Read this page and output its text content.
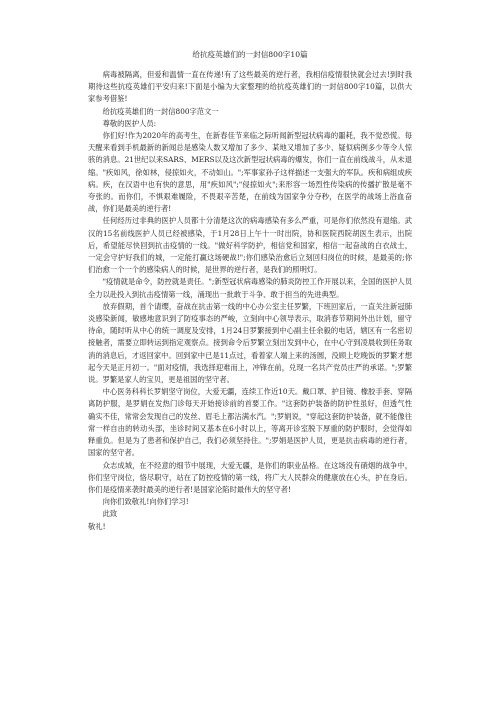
给抗疫英雄们的一封信800字10篇

病毒被隔离，但爱和温情一直在传递!有了这些最美的逆行者，我相信疫情很快就会过去!到时我期待这些抗疫英雄们平安归来!下面是小编为大家整理的给抗疫英雄们的一封信800字10篇，以供大家参考借鉴!

给抗疫英雄们的一封信800字范文一

尊敬的医护人员:

你们好!作为2020年的高考生，在新春佳节来临之际听闻新型冠状病毒的噩耗，我不觉恐慌。每天醒来看到手机最新的新闻总是感染人数又增加了多少、某地又增加了多少、疑似病例多少等令人惊骇的消息。21世纪以来SARS、MERS以及这次新型冠状病毒的爆发，你们一直在前线战斗，从未退缩。"疾如风，徐如林，侵掠如火，不动如山。";军事家孙子这样描述一支强大的军队。疾和病组成疾病。疾，在汉语中也有快的意思，用"疾如风";"侵掠如火";来形容一场烈性传染病的传播扩散是毫不夸张的。而你们，不惧艰难履险，不畏艰辛苦楚，在前线为国家争分夺秒，在医学的战场上浴血奋战，你们是最美的逆行者!

任何经历过非典的医护人员都十分清楚这次的病毒感染有多么严重，可是你们依然没有退缩。武汉的15名前线医护人员已经被感染，于1月28日上午十一时出院，协和医院西院胡医生表示，出院后，希望能尽快回到抗击疫情的一线。"做好科学防护，相信党和国家，相信一起奋战的白衣战士，一定会守护好我们的城，一定能打赢这场硬战!";你们感染治愈后立刻回归岗位的时候，是最美的;你们治愈一个一个的感染病人的时候，是世界的逆行者，是我们的照明灯。

"疫情就是命令，防控就是责任。";新型冠状病毒感染的肺炎防控工作开展以来，全国的医护人员全力以赴投入到抗击疫情第一线，涌现出一批敢于斗争、敢于担当的先进典型。

放弃假期，首个请缨，奋战在抗击第一线的中心办公室主任罗繁，下班回家后，一直关注新冠肺炎感染新闻，敏感地意识到了防疫事态的严峻，立刻向中心领导表示，取消春节期间外出计划，留守待命，随时听从中心的统一调度及安排，1月24日罗繁接到中心副主任余毅的电话，辖区有一名密切接触者，需要立即转运到指定观察点。接到命令后罗繁立刻出发到中心，在中心守到凌晨收到任务取消的消息后，才返回家中。回到家中已是11点过，看着家人端上来的汤圆，没顾上吃晚饭的罗繁才想起今天是正月初一。"面对疫情，我选择迎难而上，冲锋在前，兑现一名共产党员庄严的承诺。";罗繁说。罗繁是家人的宝贝，更是祖国的坚守者。

中心医务科科长罗娟坚守岗位，大爱无疆，连续工作近10天。戴口罩、护目镜、橡胶手套、穿隔离防护服，是罗娟在发热门诊每天开始接诊前的首要工作。"这套防护装备的防护性虽好，但透气性确实不佳，常常会发现自己的发丝、眉毛上都沾满水汽。";罗娟说，"穿起这套防护装备，就不能像往常一样自由的转动头部，坐诊时间又基本在6小时以上，等离开诊室脱下厚重的防护服时，会觉得如释重负。但是为了患者和保护自己，我们必须坚持住。";罗娟是医护人员，更是抗击病毒的逆行者，国家的坚守者。

众志成城，在不经意的细节中展现，大爱无疆，是你们的职业品格。在这场没有硝烟的战争中，你们坚守岗位，恪尽职守，站在了防控疫情的第一线，将广大人民群众的健康放在心头，护在身后。你们是疫情来袭时最美的逆行者!是国家沦陷时最伟大的坚守者!

向你们致敬礼!向你们学习!

此致

敬礼!
